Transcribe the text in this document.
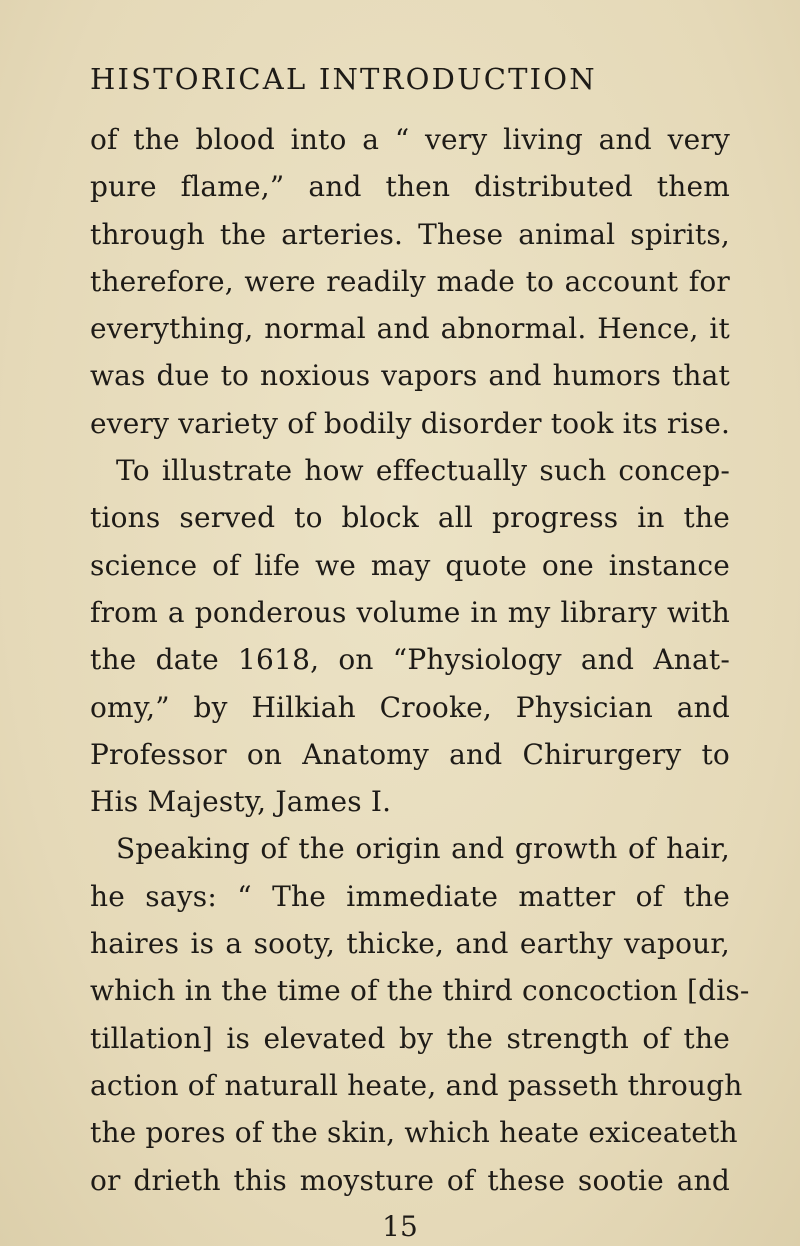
HISTORICAL INTRODUCTION
of the blood into a “ very living and very
pure flame,” and then distributed them
through the arteries. These animal spirits,
therefore, were readily made to account for
everything, normal and abnormal. Hence, it
was due to noxious vapors and humors that
every variety of bodily disorder took its rise.
To illustrate how effectually such concep-
tions served to block all progress in the
science of life we may quote one instance
from a ponderous volume in my library with
the date 1618, on “Physiology and Anat-
omy,” by Hilkiah Crooke, Physician and
Professor on Anatomy and Chirurgery to
His Majesty, James I.
Speaking of the origin and growth of hair,
he says: “ The immediate matter of the
haires is a sooty, thicke, and earthy vapour,
which in the time of the third concoction [dis-
tillation] is elevated by the strength of the
action of naturall heate, and passeth through
the pores of the skin, which heate exiceateth
or drieth this moysture of these sootie and

15
